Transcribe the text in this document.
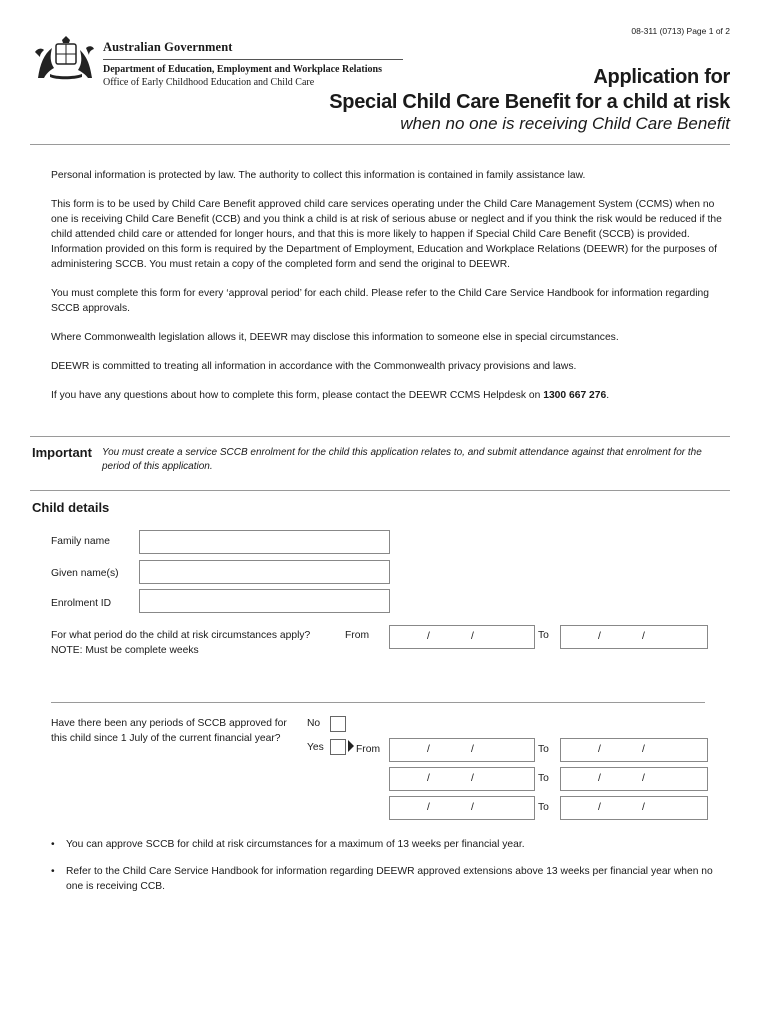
08-311 (0713) Page 1 of 2
Australian Government
Department of Education, Employment and Workplace Relations
Office of Early Childhood Education and Child Care	Application for
Special Child Care Benefit for a child at risk
when no one is receiving Child Care Benefit

Personal information is protected by law. The authority to collect this information is contained in family assistance law.

This form is to be used by Child Care Benefit approved child care services operating under the Child Care Management System (CCMS) when no one is receiving Child Care Benefit (CCB) and you think a child is at risk of serious abuse or neglect and if you think the risk would be reduced if the child attended child care or attended for longer hours, and that this is more likely to happen if Special Child Care Benefit (SCCB) is provided. Information provided on this form is required by the Department of Employment, Education and Workplace Relations (DEEWR) for the purposes of administering SCCB. You must retain a copy of the completed form and send the original to DEEWR.

You must complete this form for every ‘approval period’ for each child. Please refer to the Child Care Service Handbook for information regarding SCCB approvals.

Where Commonwealth legislation allows it, DEEWR may disclose this information to someone else in special circumstances.

DEEWR is committed to treating all information in accordance with the Commonwealth privacy provisions and laws.

If you have any questions about how to complete this form, please contact the DEEWR CCMS Helpdesk on 1300 667 276.

Important You must create a service SCCB enrolment for the child this application relates to, and submit attendance against that enrolment for the period of this application.
Child details
Family name
Given name(s)
Enrolment ID
For what period do the child at risk circumstances apply?
NOTE: Must be complete weeks
From	/	/	To	/	/
Have there been any periods of SCCB approved for
this child since 1 July of the current financial year?
No
Yes	From	/	/	To	/	/
/	/	To	/	/
/	/	To	/	/
• You can approve SCCB for child at risk circumstances for a maximum of 13 weeks per financial year.
• Refer to the Child Care Service Handbook for information regarding DEEWR approved extensions above 13 weeks per financial year when no one is receiving CCB.
